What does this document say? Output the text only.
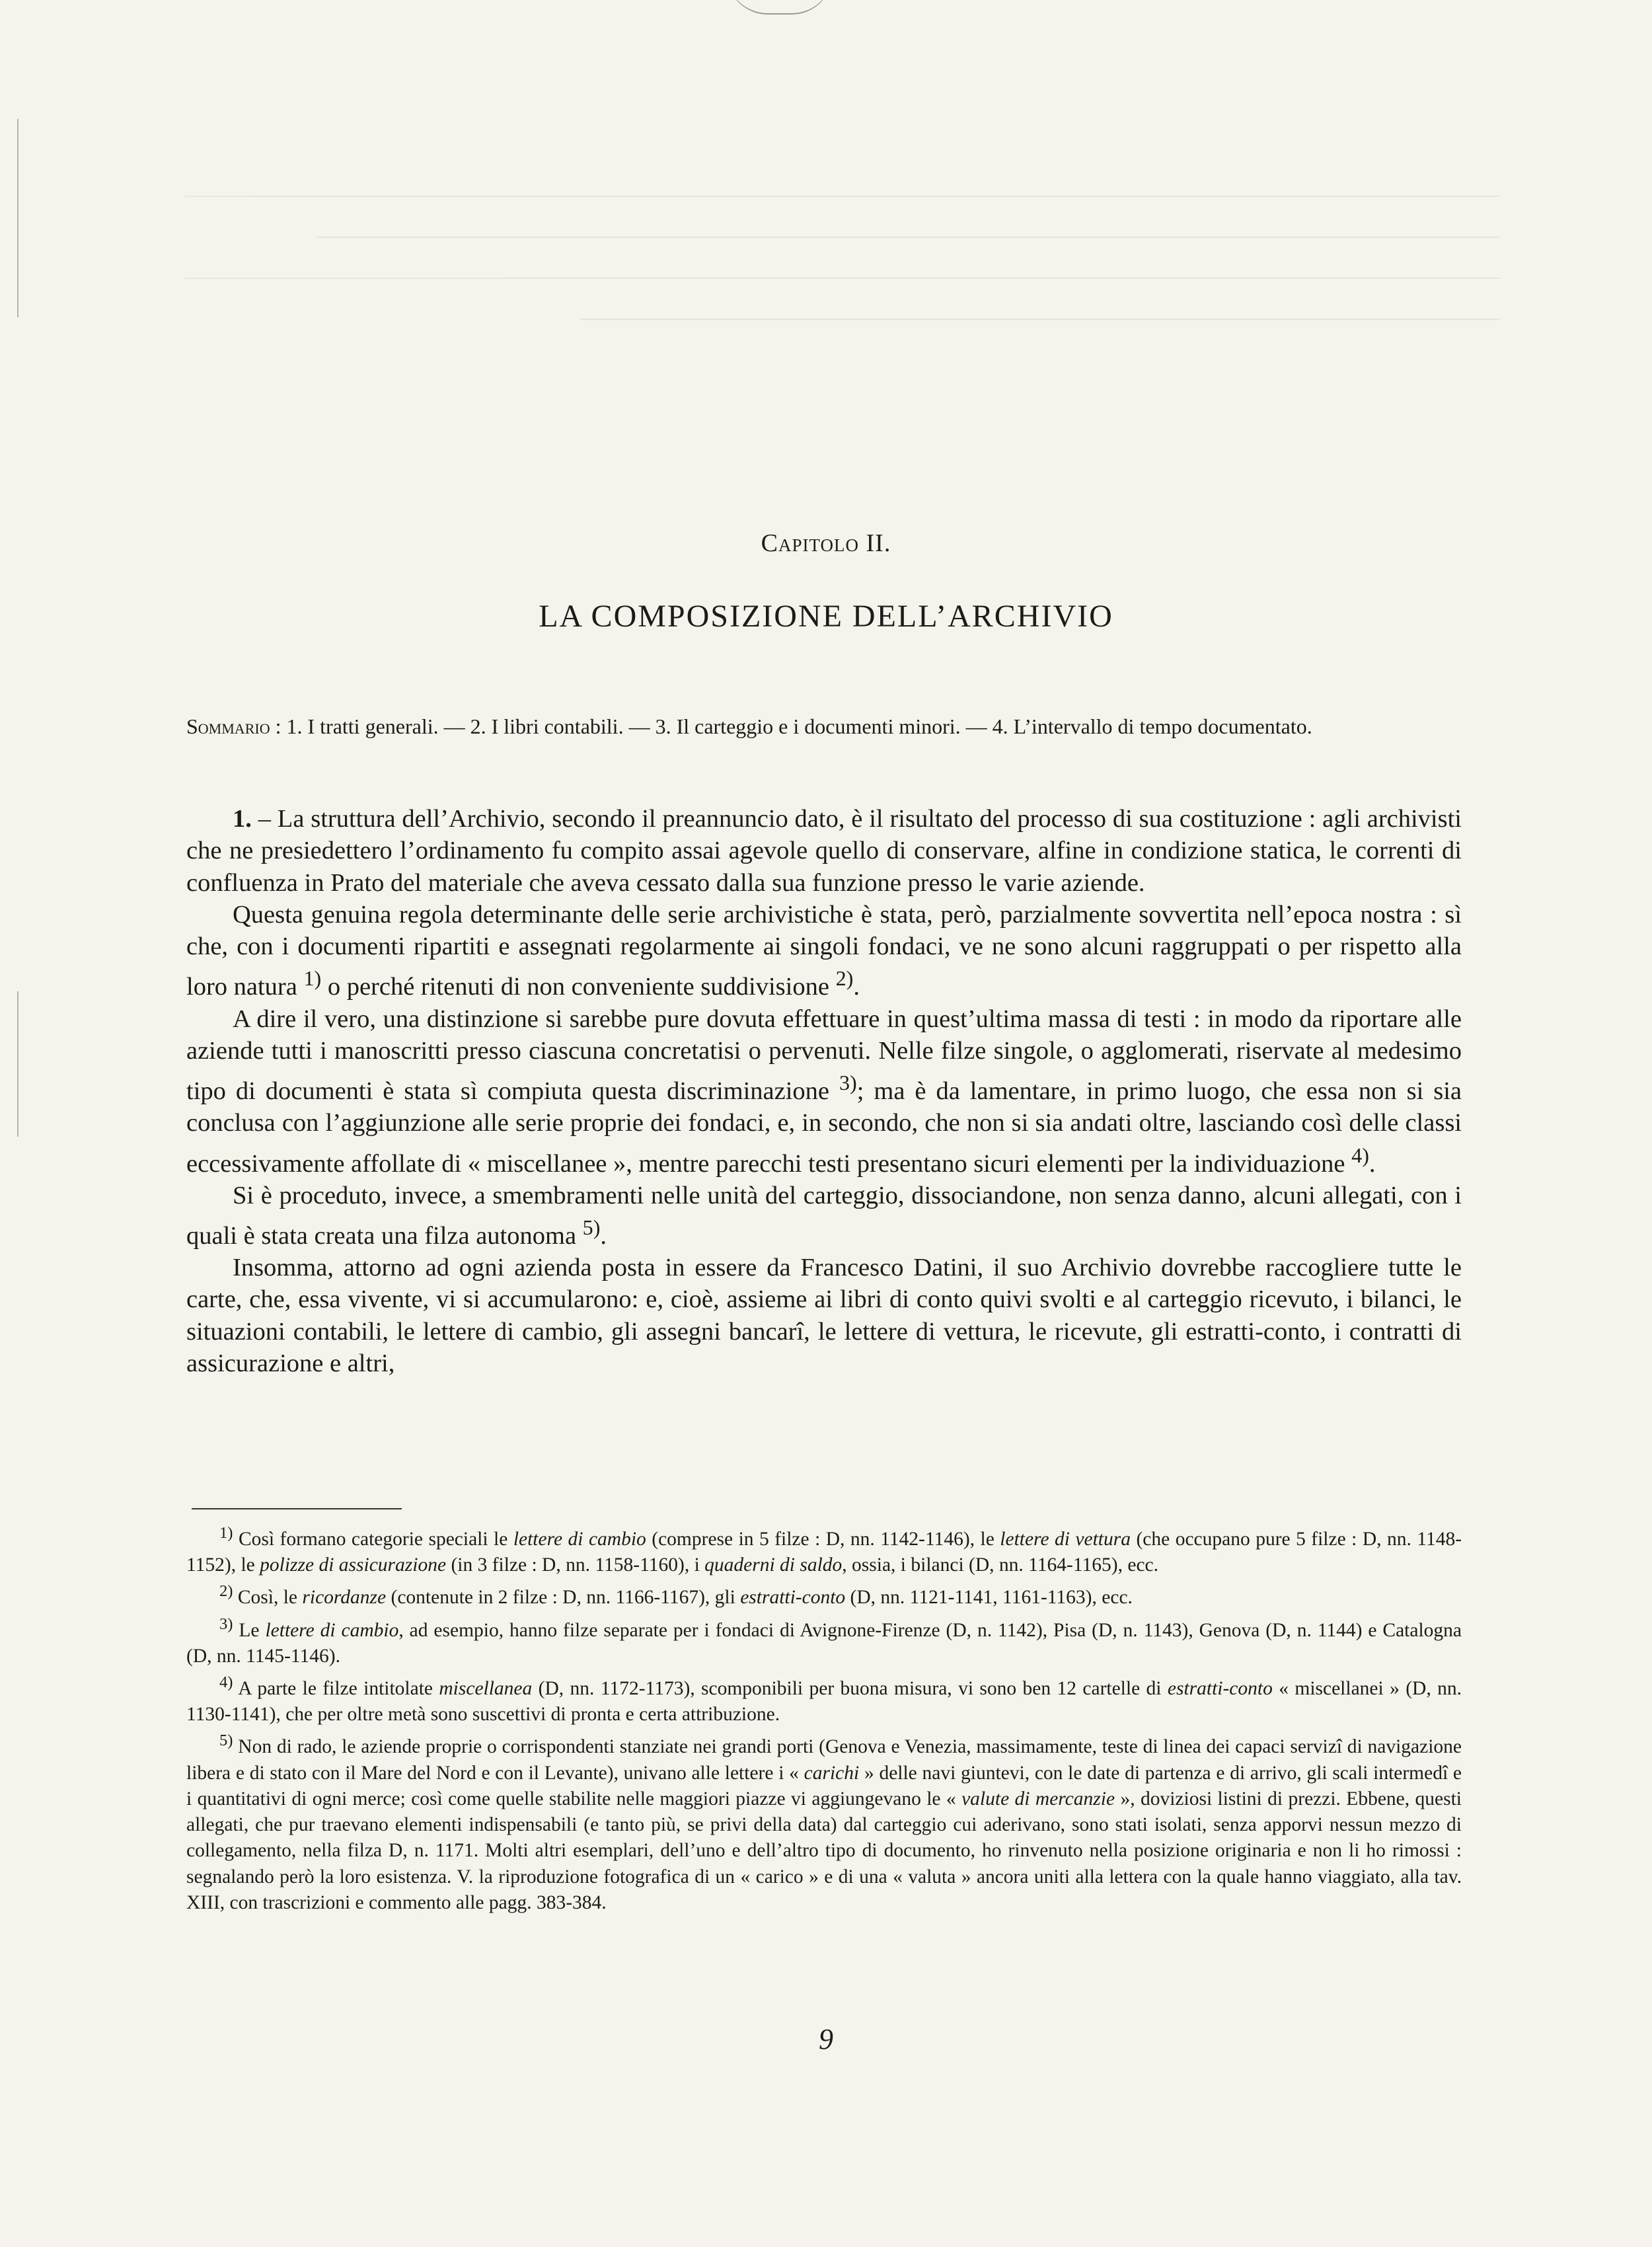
Capitolo II.
LA COMPOSIZIONE DELL’ARCHIVIO
Sommario : 1. I tratti generali. — 2. I libri contabili. — 3. Il carteggio e i documenti minori. — 4. L’intervallo di tempo documentato.

1. – La struttura dell’Archivio, secondo il preannuncio dato, è il risultato del processo di sua costituzione : agli archivisti che ne presiedettero l’ordinamento fu compito assai agevole quello di conservare, alfine in condizione statica, le correnti di confluenza in Prato del materiale che aveva cessato dalla sua funzione presso le varie aziende.

Questa genuina regola determinante delle serie archivistiche è stata, però, parzialmente sovvertita nell’epoca nostra : sì che, con i documenti ripartiti e assegnati regolarmente ai singoli fondaci, ve ne sono alcuni raggruppati o per rispetto alla loro natura $^{1)}$ o perché ritenuti di non conveniente suddivisione $^{2)}$.

A dire il vero, una distinzione si sarebbe pure dovuta effettuare in quest’ultima massa di testi : in modo da riportare alle aziende tutti i manoscritti presso ciascuna concretatisi o pervenuti. Nelle filze singole, o agglomerati, riservate al medesimo tipo di documenti è stata sì compiuta questa discriminazione $^{3)}$; ma è da lamentare, in primo luogo, che essa non si sia conclusa con l’aggiunzione alle serie proprie dei fondaci, e, in secondo, che non si sia andati oltre, lasciando così delle classi eccessivamente affollate di « miscellanee », mentre parecchi testi presentano sicuri elementi per la individuazione $^{4)}$.

Si è proceduto, invece, a smembramenti nelle unità del carteggio, dissociandone, non senza danno, alcuni allegati, con i quali è stata creata una filza autonoma $^{5)}$.

Insomma, attorno ad ogni azienda posta in essere da Francesco Datini, il suo Archivio dovrebbe raccogliere tutte le carte, che, essa vivente, vi si accumularono: e, cioè, assieme ai libri di conto quivi svolti e al carteggio ricevuto, i bilanci, le situazioni contabili, le lettere di cambio, gli assegni bancarî, le lettere di vettura, le ricevute, gli estratti-conto, i contratti di assicurazione e altri,

$^{1)}$ Così formano categorie speciali le lettere di cambio (comprese in 5 filze : D, nn. 1142-1146), le lettere di vettura (che occupano pure 5 filze : D, nn. 1148-1152), le polizze di assicurazione (in 3 filze : D, nn. 1158-1160), i quaderni di saldo, ossia, i bilanci (D, nn. 1164-1165), ecc.

$^{2)}$ Così, le ricordanze (contenute in 2 filze : D, nn. 1166-1167), gli estratti-conto (D, nn. 1121-1141, 1161-1163), ecc.

$^{3)}$ Le lettere di cambio, ad esempio, hanno filze separate per i fondaci di Avignone-Firenze (D, n. 1142), Pisa (D, n. 1143), Genova (D, n. 1144) e Catalogna (D, nn. 1145-1146).

$^{4)}$ A parte le filze intitolate miscellanea (D, nn. 1172-1173), scomponibili per buona misura, vi sono ben 12 cartelle di estratti-conto « miscellanei » (D, nn. 1130-1141), che per oltre metà sono suscettivi di pronta e certa attribuzione.

$^{5)}$ Non di rado, le aziende proprie o corrispondenti stanziate nei grandi porti (Genova e Venezia, massimamente, teste di linea dei capaci servizî di navigazione libera e di stato con il Mare del Nord e con il Levante), univano alle lettere i « carichi » delle navi giuntevi, con le date di partenza e di arrivo, gli scali intermedî e i quantitativi di ogni merce; così come quelle stabilite nelle maggiori piazze vi aggiungevano le « valute di mercanzie », doviziosi listini di prezzi. Ebbene, questi allegati, che pur traevano elementi indispensabili (e tanto più, se privi della data) dal carteggio cui aderivano, sono stati isolati, senza apporvi nessun mezzo di collegamento, nella filza D, n. 1171. Molti altri esemplari, dell’uno e dell’altro tipo di documento, ho rinvenuto nella posizione originaria e non li ho rimossi : segnalando però la loro esistenza. V. la riproduzione fotografica di un « carico » e di una « valuta » ancora uniti alla lettera con la quale hanno viaggiato, alla tav. XIII, con trascrizioni e commento alle pagg. 383-384.

9
